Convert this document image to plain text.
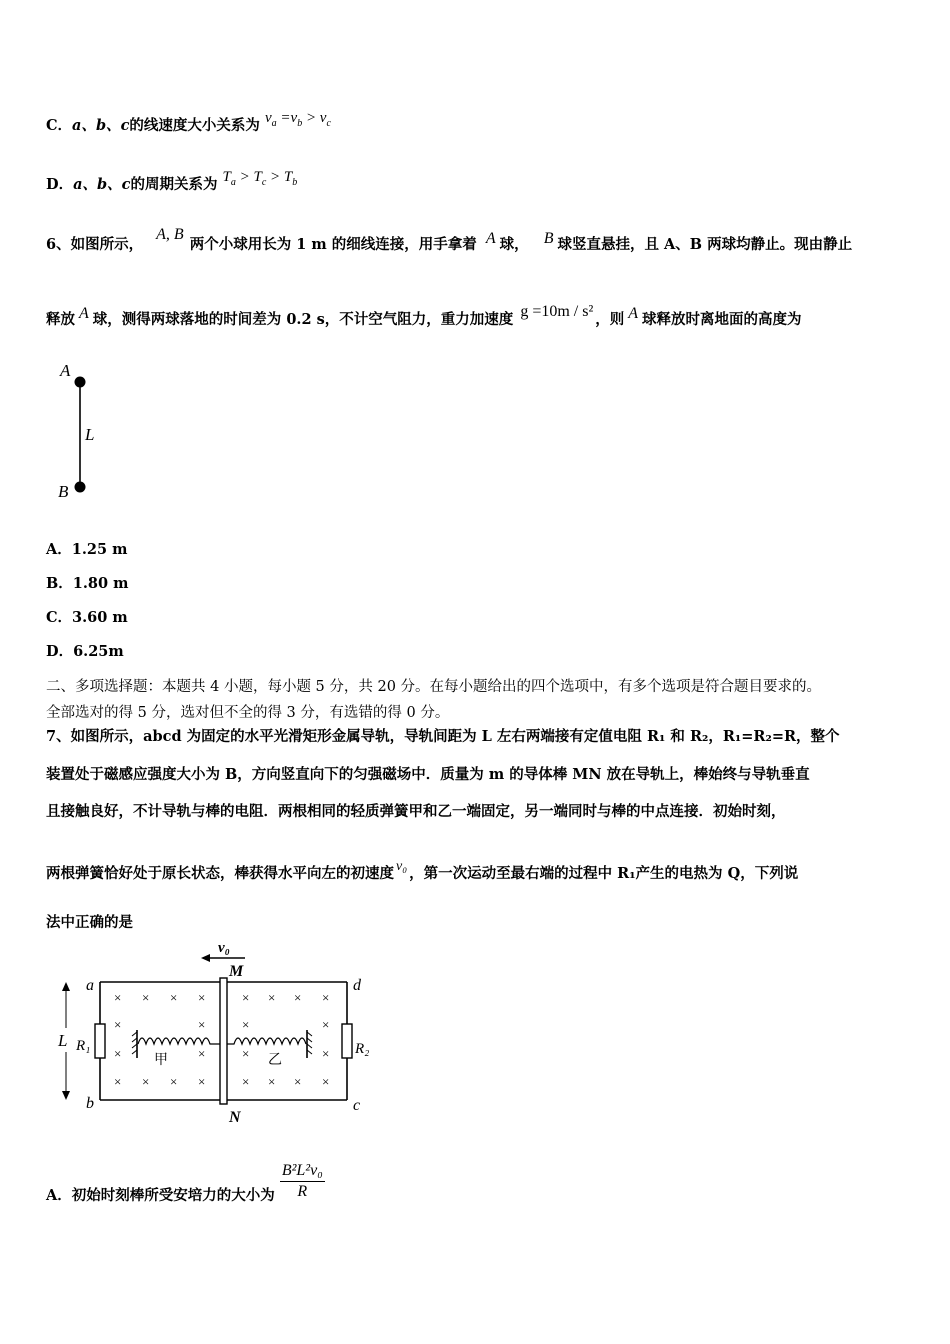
C．a、b、c的线速度大小关系为 $v_a =v_b > v_c$
D．a、b、c的周期关系为 $T_a > T_c > T_b$
6、如图所示， A, B两个小球用长为 1 m 的细线连接，用手拿着 A 球， B 球竖直悬挂，且 A、B 两球均静止。现由静止
释放 A 球，测得两球落地的时间差为 0.2 s，不计空气阻力，重力加速度 g =10m / s² ，则 A 球释放时离地面的高度为
A
L
B
A．1.25 m
B．1.80 m
C．3.60 m
D．6.25m
二、多项选择题：本题共 4 小题，每小题 5 分，共 20 分。在每小题给出的四个选项中，有多个选项是符合题目要求的。
全部选对的得 5 分，选对但不全的得 3 分，有选错的得 0 分。
7、如图所示，abcd 为固定的水平光滑矩形金属导轨，导轨间距为 L 左右两端接有定值电阻 R₁ 和 R₂，R₁=R₂=R，整个
装置处于磁感应强度大小为 B，方向竖直向下的匀强磁场中．质量为 m 的导体棒 MN 放在导轨上，棒始终与导轨垂直
且接触良好，不计导轨与棒的电阻．两根相同的轻质弹簧甲和乙一端固定，另一端同时与棒的中点连接．初始时刻，
两根弹簧恰好处于原长状态，棒获得水平向左的初速度 v₀ ，第一次运动至最右端的过程中 R₁产生的电热为 Q，下列说
法中正确的是
v₀
M
N
a
b
d
c
L R₁	R₂
× × × ×	× × × ×
×	×	×	×
×	×	×	×
× × × ×	× × × ×
甲	乙
A．初始时刻棒所受安培力的大小为 $\frac{\text{B²L²v₀}}{R}$
